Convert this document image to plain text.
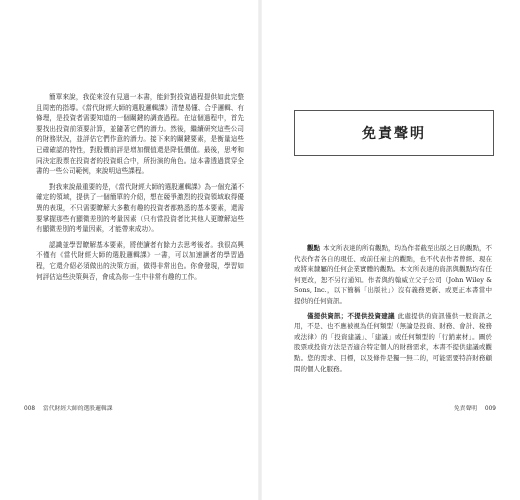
簡單來說，我從來沒有見過一本書，能針對投資過程提供如此完整且周密的指導。《當代財經大師的選股邏輯課》清楚易懂、合乎邏輯、有條理，是投資者需要知道的一個關鍵的調查過程。在這個過程中，首先要找出投資前須要計算，並隨著它們的潛力。然後，繼續研究這些公司的財務狀況，並評估它們作意的潛力。接下來的關鍵要素，是衡量這些已確確認的特性，對股價前評是增加價值還是降低價值。最後，思考和同決定股票在投資者的投資組合中，所扮演的角色。這本書透過貫穿全書的一些公司範例，來說明這些課程。

對我來說最重要的是，《當代財經大師的選股邏輯課》為一個充滿不確定的領域，提供了一個簡單的介紹，想在競爭激烈的投資領域取得優異的表現，不只需要瞭解大多數有趣的投資者都熟悉的基本要素，還需要掌握那些有顯微差別的考量因素（只有當投資者比其他人更瞭解這些有顯微差別的考量因素，才能帶來成功）。

認識並學習瞭解基本要素，將使讀者有餘力去思考後者。我很高興不僅有《當代財經大師的選股邏輯課》一書，可以加速讀者的學習過程，它還介紹必須做出的決策方面，做得非常出色。你會發現，學習如何評估這些決策與否，會成為你一生中非常有趣的工作。

008 當代財經大師的選股邏輯課
免責聲明

觀點 本文所表達的所有觀點，均為作者截至出版之日的觀點，不代表作者各自的現任、或前任雇主的觀點，也不代表作者曾經、現在或將來隸屬的任何企業實體的觀點。本文所表達的資訊與觀點均有任何更改，恕不另行通知。作者與約翰威立父子公司（John Wiley & Sons, Inc.，以下簡稱「出版社」）沒有義務更新、或更正本書當中提供的任何資訊。

僅提供資訊；不提供投資建議 此處提供的資訊僅供一般資訊之用，不是、也不應被視為任何類型（無論是投資、財務、會計、稅務或法律）的「投資建議」、「建議」或任何類型的「行銷素材」。圖於股票或投資方法是否適合特定個人的財務需求，本書不提供建議或觀點。您的需求、目標，以及條件是獨一無二的，可能需要特許財務顧問的個人化服務。

免責聲明 009
